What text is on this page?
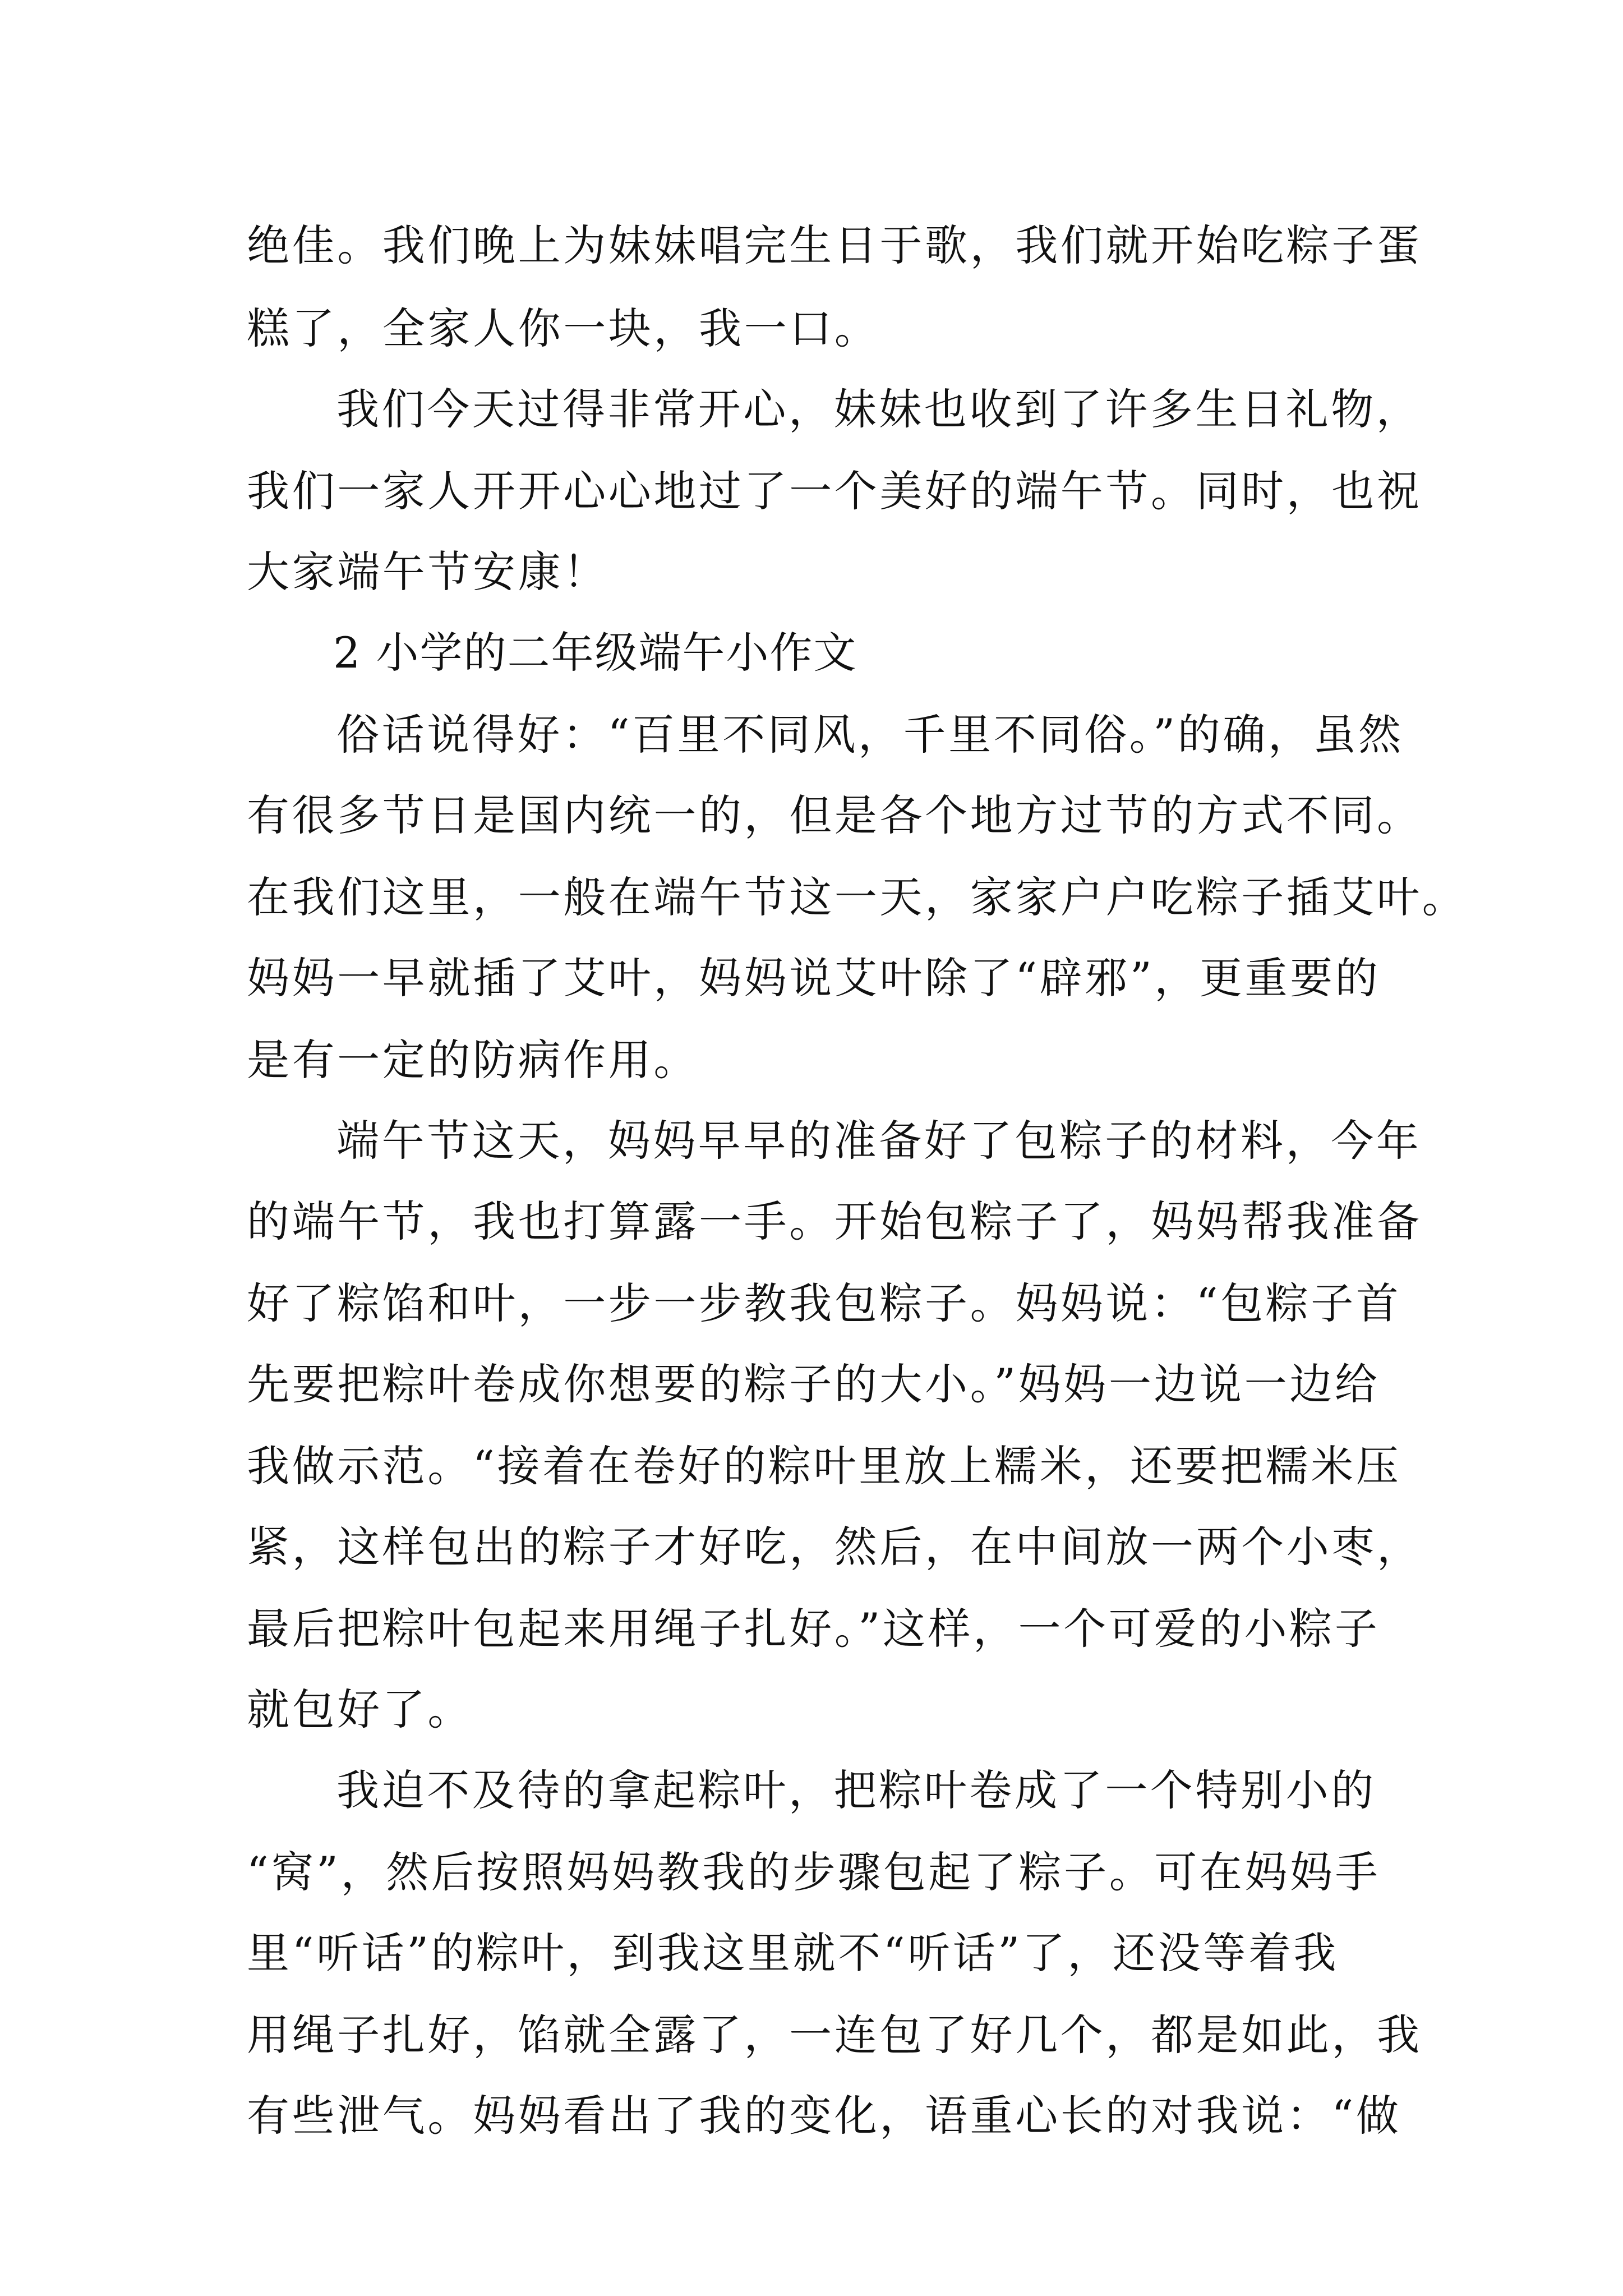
绝佳。我们晚上为妹妹唱完生日于歌，我们就开始吃粽子蛋
糕了，全家人你一块，我一口。
我们今天过得非常开心，妹妹也收到了许多生日礼物，
我们一家人开开心心地过了一个美好的端午节。同时，也祝
大家端午节安康！
2 小学的二年级端午小作文
俗话说得好：“百里不同风，千里不同俗。”的确，虽然
有很多节日是国内统一的，但是各个地方过节的方式不同。
在我们这里，一般在端午节这一天，家家户户吃粽子插艾叶。
妈妈一早就插了艾叶，妈妈说艾叶除了“辟邪”，更重要的
是有一定的防病作用。
端午节这天，妈妈早早的准备好了包粽子的材料，今年
的端午节，我也打算露一手。开始包粽子了，妈妈帮我准备
好了粽馅和叶，一步一步教我包粽子。妈妈说：“包粽子首
先要把粽叶卷成你想要的粽子的大小。”妈妈一边说一边给
我做示范。“接着在卷好的粽叶里放上糯米，还要把糯米压
紧，这样包出的粽子才好吃，然后，在中间放一两个小枣，
最后把粽叶包起来用绳子扎好。”这样，一个可爱的小粽子
就包好了。
我迫不及待的拿起粽叶，把粽叶卷成了一个特别小的
“窝”，然后按照妈妈教我的步骤包起了粽子。可在妈妈手
里“听话”的粽叶，到我这里就不“听话”了，还没等着我
用绳子扎好，馅就全露了，一连包了好几个，都是如此，我
有些泄气。妈妈看出了我的变化，语重心长的对我说：“做
